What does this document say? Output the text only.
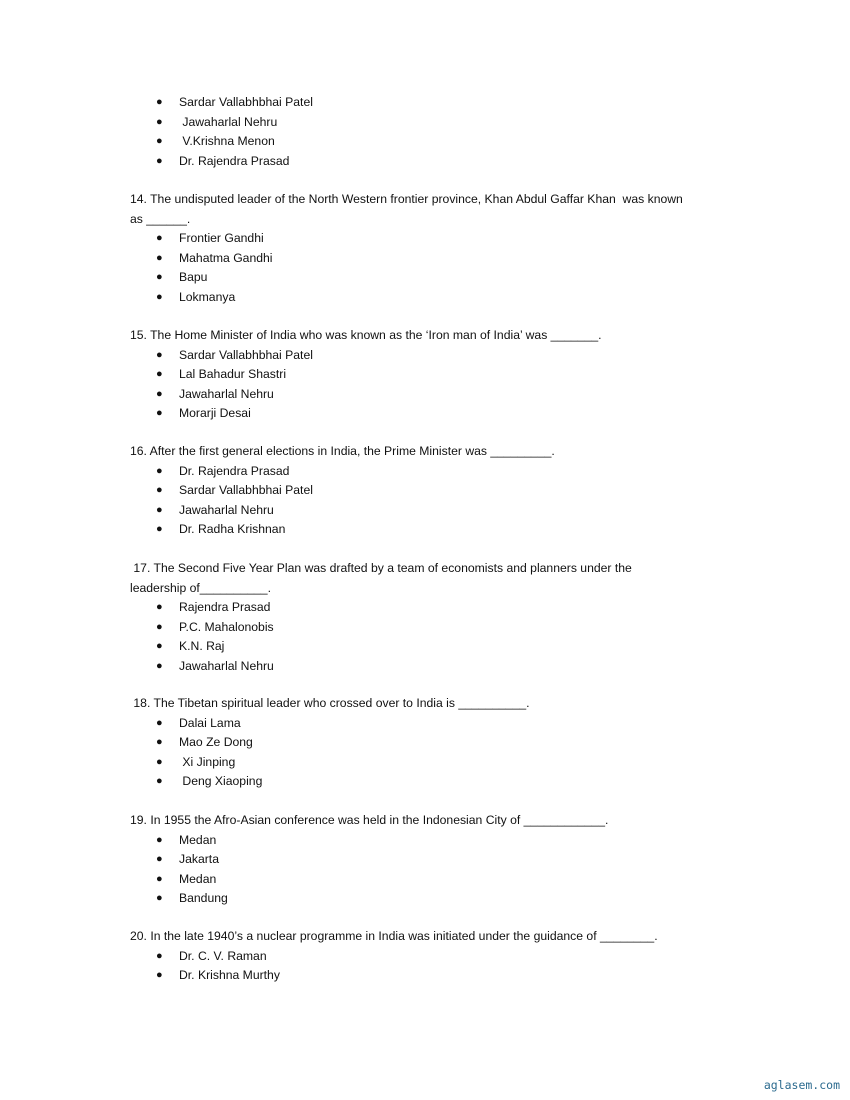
● Sardar Vallabhbhai Patel
● Jawaharlal Nehru
● V.Krishna Menon
● Dr. Rajendra Prasad

14. The undisputed leader of the North Western frontier province, Khan Abdul Gaffar Khan  was known as ______.

● Frontier Gandhi
● Mahatma Gandhi
● Bapu
● Lokmanya

15. The Home Minister of India who was known as the ‘Iron man of India’ was _______.

● Sardar Vallabhbhai Patel
● Lal Bahadur Shastri
● Jawaharlal Nehru
● Morarji Desai

16. After the first general elections in India, the Prime Minister was _________.

● Dr. Rajendra Prasad
● Sardar Vallabhbhai Patel
● Jawaharlal Nehru
● Dr. Radha Krishnan

17. The Second Five Year Plan was drafted by a team of economists and planners under the leadership of__________.

● Rajendra Prasad
● P.C. Mahalonobis
● K.N. Raj
● Jawaharlal Nehru

18. The Tibetan spiritual leader who crossed over to India is __________.

● Dalai Lama
● Mao Ze Dong
● Xi Jinping
● Deng Xiaoping

19. In 1955 the Afro-Asian conference was held in the Indonesian City of ____________.

● Medan
● Jakarta
● Medan
● Bandung

20. In the late 1940’s a nuclear programme in India was initiated under the guidance of ________.

● Dr. C. V. Raman
● Dr. Krishna Murthy
aglasem.com
